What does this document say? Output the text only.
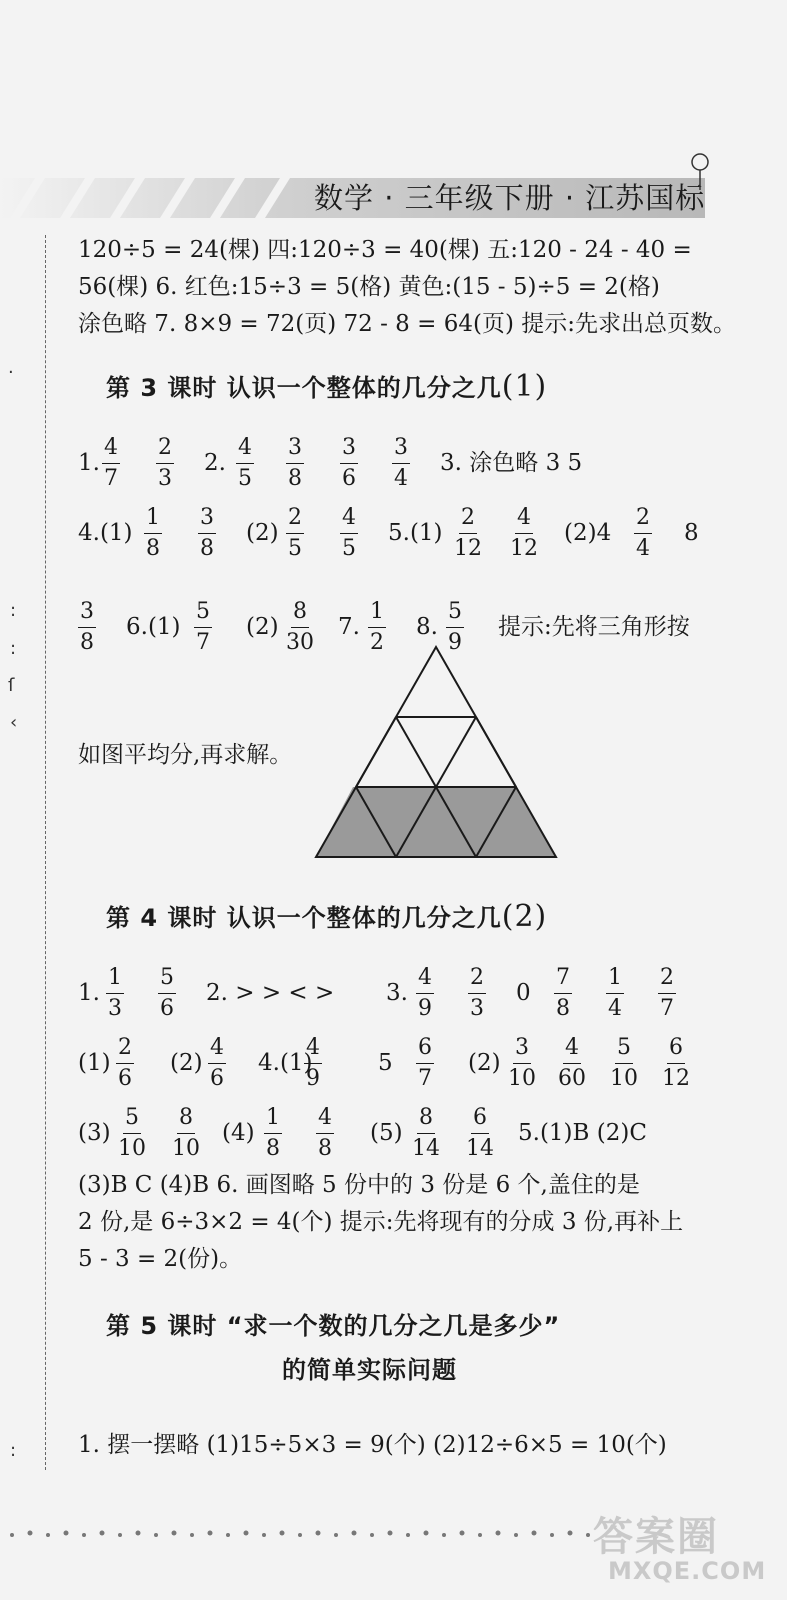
数学 · 三年级下册 · 江苏国标
·
:
:
ſ
‹
:
120÷5 = 24(棵) 四:120÷3 = 40(棵) 五:120 - 24 - 40 =
56(棵) 6. 红色:15÷3 = 5(格) 黄色:(15 - 5)÷5 = 2(格)
涂色略 7. 8×9 = 72(页) 72 - 8 = 64(页) 提示:先求出总页数。
第 3 课时 认识一个整体的几分之几(1)
1. $\frac{4}{7} \frac{2}{3} 2$. $\frac{4}{5} \frac{3}{8} \frac{3}{6} \frac{3}{4} 3$. 涂色略 3 5
$4.(1) \frac{1}{8} \frac{3}{8} (2) \frac{2}{5} \frac{4}{5} 5.(1) \frac{2}{12} \frac{4}{12} (2)4 \frac{2}{4} 8$
$\frac{3}{8} 6.(1) \frac{5}{7} (2) \frac{8}{30} 7$. $\frac{1}{2} 8$. $\frac{5}{9}$ 提示:先将三角形按
如图平均分,再求解。
第 4 课时 认识一个整体的几分之几(2)
1. $\frac{1}{3} \frac{5}{6} 2$. > > < > 3. $\frac{4}{9} \frac{2}{3} 0 \frac{7}{8} \frac{1}{4} \frac{2}{7}$
$(1) \frac{2}{6} (2) \frac{4}{6} 4.(1)$
$\frac{4}{9} 5 \frac{6}{7} (2) \frac{3}{10} \frac{4}{60} \frac{5}{10} \frac{6}{12}$
$(3) \frac{5}{10} \frac{8}{10} (4) \frac{1}{8} \frac{4}{8} (5) \frac{8}{14} \frac{6}{14} 5.(1)B$ (2)C
(3)B C (4)B 6. 画图略 5 份中的 3 份是 6 个,盖住的是
2 份,是 6÷3×2 = 4(个) 提示:先将现有的分成 3 份,再补上
5 - 3 = 2(份)。
第 5 课时 “求一个数的几分之几是多少”
的简单实际问题
1. 摆一摆略 (1)15÷5×3 = 9(个) (2)12÷6×5 = 10(个)
答案圈
MXQE.COM
